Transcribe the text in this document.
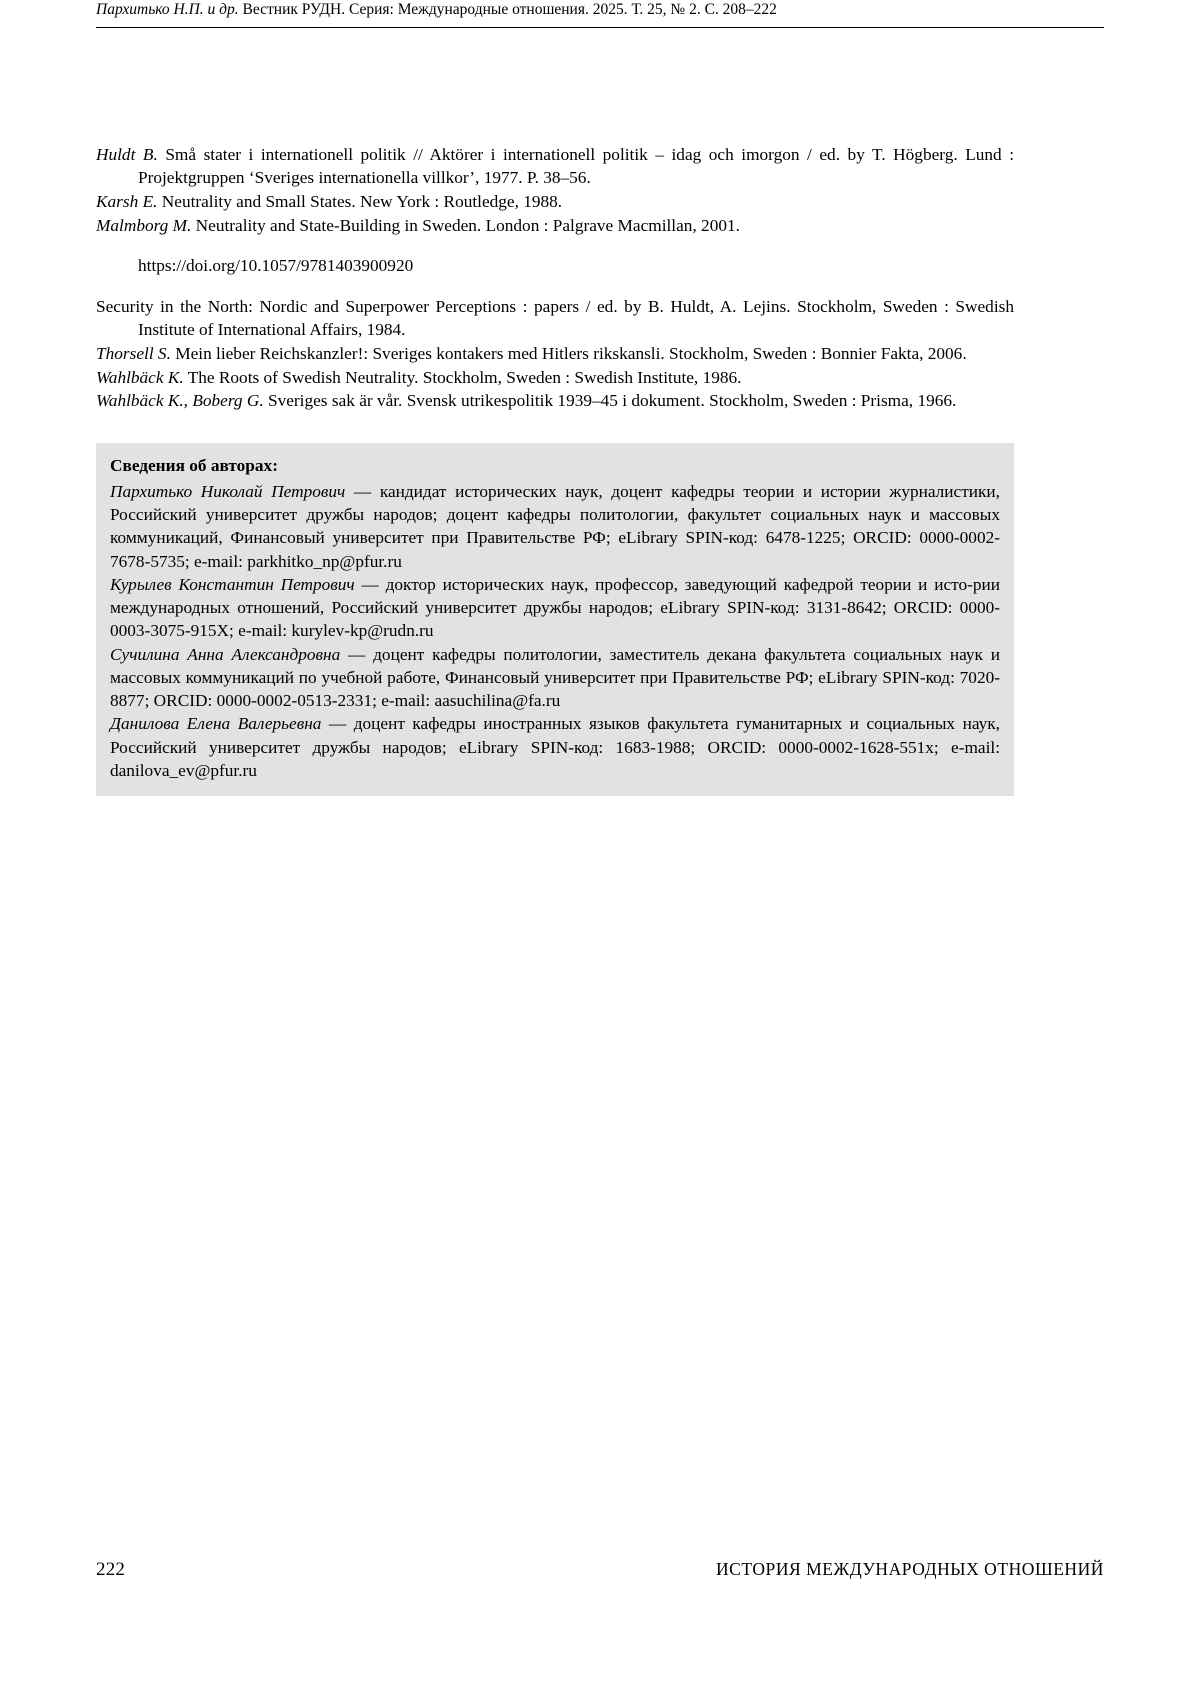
Пархитько Н.П. и др. Вестник РУДН. Серия: Международные отношения. 2025. Т. 25, № 2. С. 208–222

Huldt B. Små stater i internationell politik // Aktörer i internationell politik – idag och imorgon / ed. by T. Högberg. Lund : Projektgruppen ‘Sveriges internationella villkor’, 1977. P. 38–56.

Karsh E. Neutrality and Small States. New York : Routledge, 1988.

Malmborg M. Neutrality and State-Building in Sweden. London : Palgrave Macmillan, 2001.

https://doi.org/10.1057/9781403900920

Security in the North: Nordic and Superpower Perceptions : papers / ed. by B. Huldt, A. Lejins. Stockholm, Sweden : Swedish Institute of International Affairs, 1984.

Thorsell S. Mein lieber Reichskanzler!: Sveriges kontakers med Hitlers rikskansli. Stockholm, Sweden : Bonnier Fakta, 2006.

Wahlbäck K. The Roots of Swedish Neutrality. Stockholm, Sweden : Swedish Institute, 1986.

Wahlbäck K., Boberg G. Sveriges sak är vår. Svensk utrikespolitik 1939–45 i dokument. Stockholm, Sweden : Prisma, 1966.

Сведения об авторах:

Пархитько Николай Петрович — кандидат исторических наук, доцент кафедры теории и истории журналистики, Российский университет дружбы народов; доцент кафедры политологии, факультет социальных наук и массовых коммуникаций, Финансовый университет при Правительстве РФ; eLibrary SPIN-код: 6478-1225; ORCID: 0000-0002-7678-5735; e-mail: parkhitko_np@pfur.ru

Курылев Константин Петрович — доктор исторических наук, профессор, заведующий кафедрой теории и исто-рии международных отношений, Российский университет дружбы народов; eLibrary SPIN-код: 3131-8642; ORCID: 0000-0003-3075-915X; e-mail: kurylev-kp@rudn.ru

Сучилина Анна Александровна — доцент кафедры политологии, заместитель декана факультета социальных наук и массовых коммуникаций по учебной работе, Финансовый университет при Правительстве РФ; eLibrary SPIN-код: 7020-8877; ORCID: 0000-0002-0513-2331; e-mail: aasuchilina@fa.ru

Данилова Елена Валерьевна — доцент кафедры иностранных языков факультета гуманитарных и социальных наук, Российский университет дружбы народов; eLibrary SPIN-код: 1683-1988; ORCID: 0000-0002-1628-551x; e-mail: danilova_ev@pfur.ru

222	ИСТОРИЯ МЕЖДУНАРОДНЫХ ОТНОШЕНИЙ
